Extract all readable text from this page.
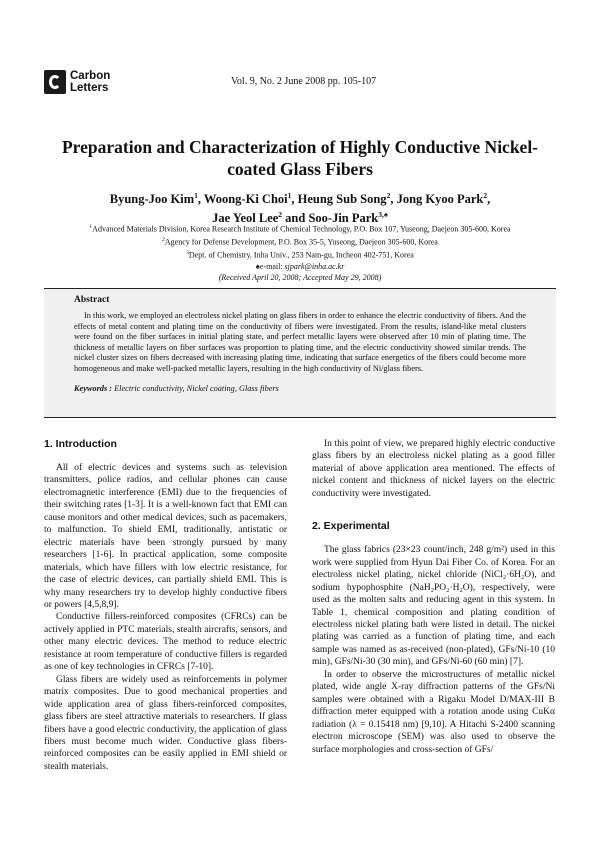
Carbon
Letters
Vol. 9, No. 2 June 2008 pp. 105-107
Preparation and Characterization of Highly Conductive Nickel-
coated Glass Fibers
Byung-Joo Kim$^1$, Woong-Ki Choi$^1$, Heung Sub Song$^2$, Jong Kyoo Park$^2$,
Jae Yeol Lee$^2$ and Soo-Jin Park$^{3,♠}$
$^1$Advanced Materials Division, Korea Research Institute of Chemical Technology, P.O. Box 107, Yuseong, Daejeon 305-600, Korea
$^2$Agency for Defense Development, P.O. Box 35-5, Yuseong, Daejeon 305-600, Korea
$^3$Dept. of Chemistry, Inha Univ., 253 Nam-gu, Incheon 402-751, Korea
♠e-mail: sjpark@inha.ac.kr
(Received April 20, 2008; Accepted May 29, 2008)
Abstract

In this work, we employed an electroless nickel plating on glass fibers in order to enhance the electric conductivity of fibers. And the effects of metal content and plating time on the conductivity of fibers were investigated. From the results, island-like metal clusters were found on the fiber surfaces in initial plating state, and perfect metallic layers were observed after 10 min of plating time. The thickness of metallic layers on fiber surfaces was proportion to plating time, and the electric conductivity showed similar trends. The nickel cluster sizes on fibers decreased with increasing plating time, indicating that surface energetics of the fibers could become more homogeneous and make well-packed metallic layers, resulting in the high conductivity of Ni/glass fibers.

Keywords : Electric conductivity, Nickel coating, Glass fibers
1. Introduction

All of electric devices and systems such as television transmitters, police radios, and cellular phones can cause electromagnetic interference (EMI) due to the frequencies of their switching rates [1-3]. It is a well-known fact that EMI can cause monitors and other medical devices, such as pacemakers, to malfunction. To shield EMI, traditionally, antistatic or electric materials have been strongly pursued by many researchers [1-6]. In practical application, some composite materials, which have fillers with low electric resistance, for the case of electric devices, can partially shield EMI. This is why many researchers try to develop highly conductive fibers or powers [4,5,8,9].

Conductive fillers-reinforced composites (CFRCs) can be actively applied in PTC materials, stealth aircrafts, sensors, and other many electric devices. The method to reduce electric resistance at room temperature of conductive fillers is regarded as one of key technologies in CFRCs [7-10].

Glass fibers are widely used as reinforcements in polymer matrix composites. Due to good mechanical properties and wide application area of glass fibers-reinforced composites, glass fibers are steel attractive materials to researchers. If glass fibers have a good electric conductivity, the application of glass fibers must become much wider. Conductive glass fibers-reinforced composites can be easily applied in EMI shield or stealth materials.

In this point of view, we prepared highly electric conductive glass fibers by an electroless nickel plating as a good filler material of above application area mentioned. The effects of nickel content and thickness of nickel layers on the electric conductivity were investigated.

2. Experimental

The glass fabrics (23×23 count/inch, 248 g/m²) used in this work were supplied from Hyun Dai Fiber Co. of Korea. For an electroless nickel plating, nickel chloride (NiCl₂·6H₂O), and sodium hypophosphite (NaH₂PO₂·H₂O), respectively, were used as the molten salts and reducing agent in this system. In Table 1, chemical composition and plating condition of electroless nickel plating bath were listed in detail. The nickel plating was carried as a function of plating time, and each sample was named as as-received (non-plated), GFs/Ni-10 (10 min), GFs/Ni-30 (30 min), and GFs/Ni-60 (60 min) [7].

In order to observe the microstructures of metallic nickel plated, wide angle X-ray diffraction patterns of the GFs/Ni samples were obtained with a Rigaku Model D/MAX-III B diffraction meter equipped with a rotation anode using CuKα radiation (λ = 0.15418 nm) [9,10]. A Hitachi S-2400 scanning electron microscope (SEM) was also used to observe the surface morphologies and cross-section of GFs/
